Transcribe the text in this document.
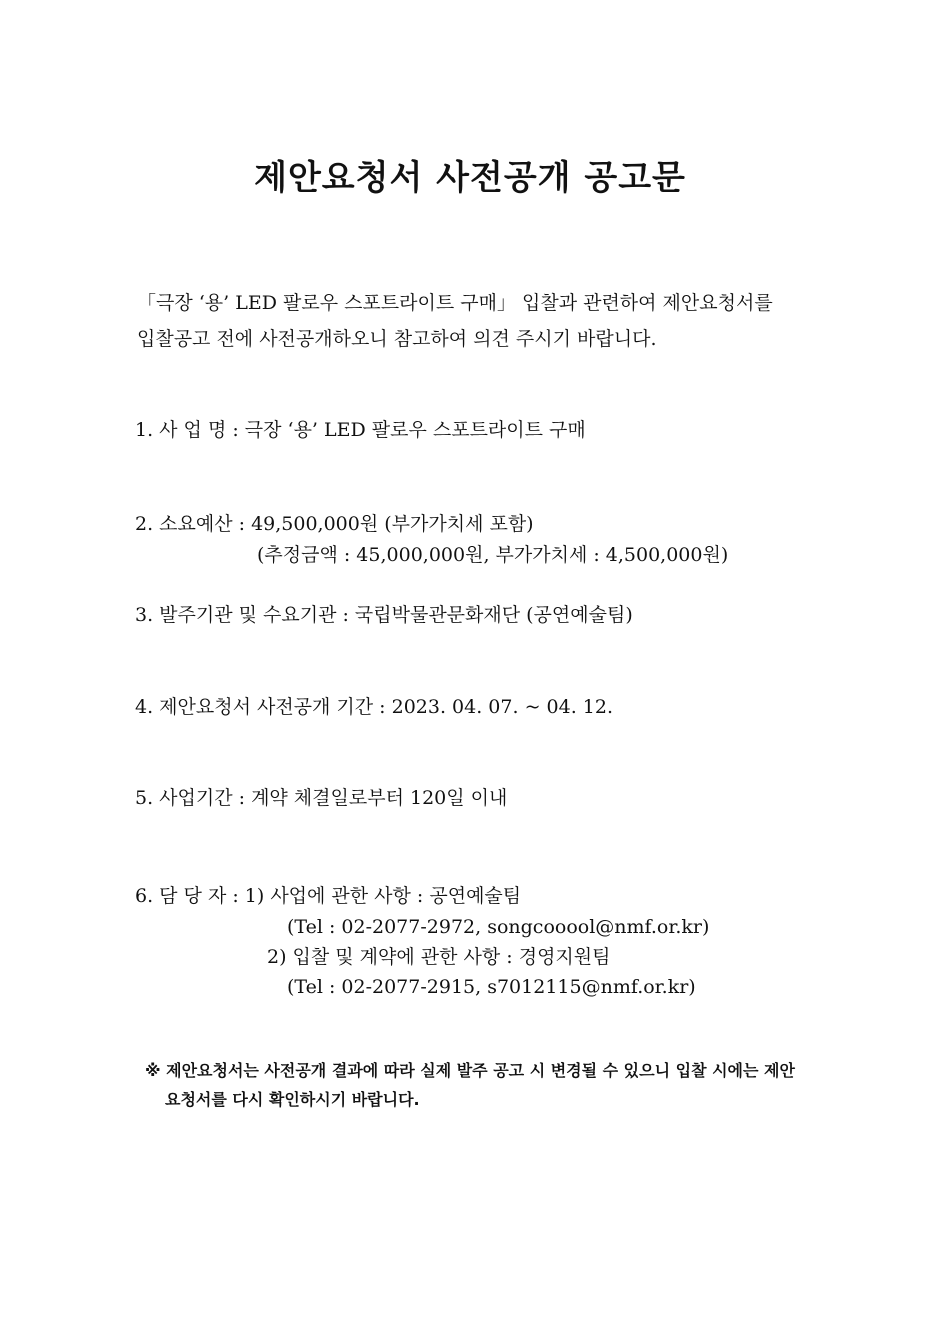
제안요청서 사전공개 공고문
「극장 ‘용’ LED 팔로우 스포트라이트 구매」 입찰과 관련하여 제안요청서를
입찰공고 전에 사전공개하오니 참고하여 의견 주시기 바랍니다.
1. 사 업 명 : 극장 ‘용’ LED 팔로우 스포트라이트 구매
2. 소요예산 : 49,500,000원 (부가가치세 포함)
(추정금액 : 45,000,000원, 부가가치세 : 4,500,000원)
3. 발주기관 및 수요기관 : 국립박물관문화재단 (공연예술팀)
4. 제안요청서 사전공개 기간 : 2023. 04. 07. ~ 04. 12.
5. 사업기간 : 계약 체결일로부터 120일 이내
6. 담 당 자 : 1) 사업에 관한 사항 : 공연예술팀
(Tel : 02-2077-2972, songcooool@nmf.or.kr)
2) 입찰 및 계약에 관한 사항 : 경영지원팀
(Tel : 02-2077-2915, s7012115@nmf.or.kr)
※ 제안요청서는 사전공개 결과에 따라 실제 발주 공고 시 변경될 수 있으니 입찰 시에는 제안
요청서를 다시 확인하시기 바랍니다.
